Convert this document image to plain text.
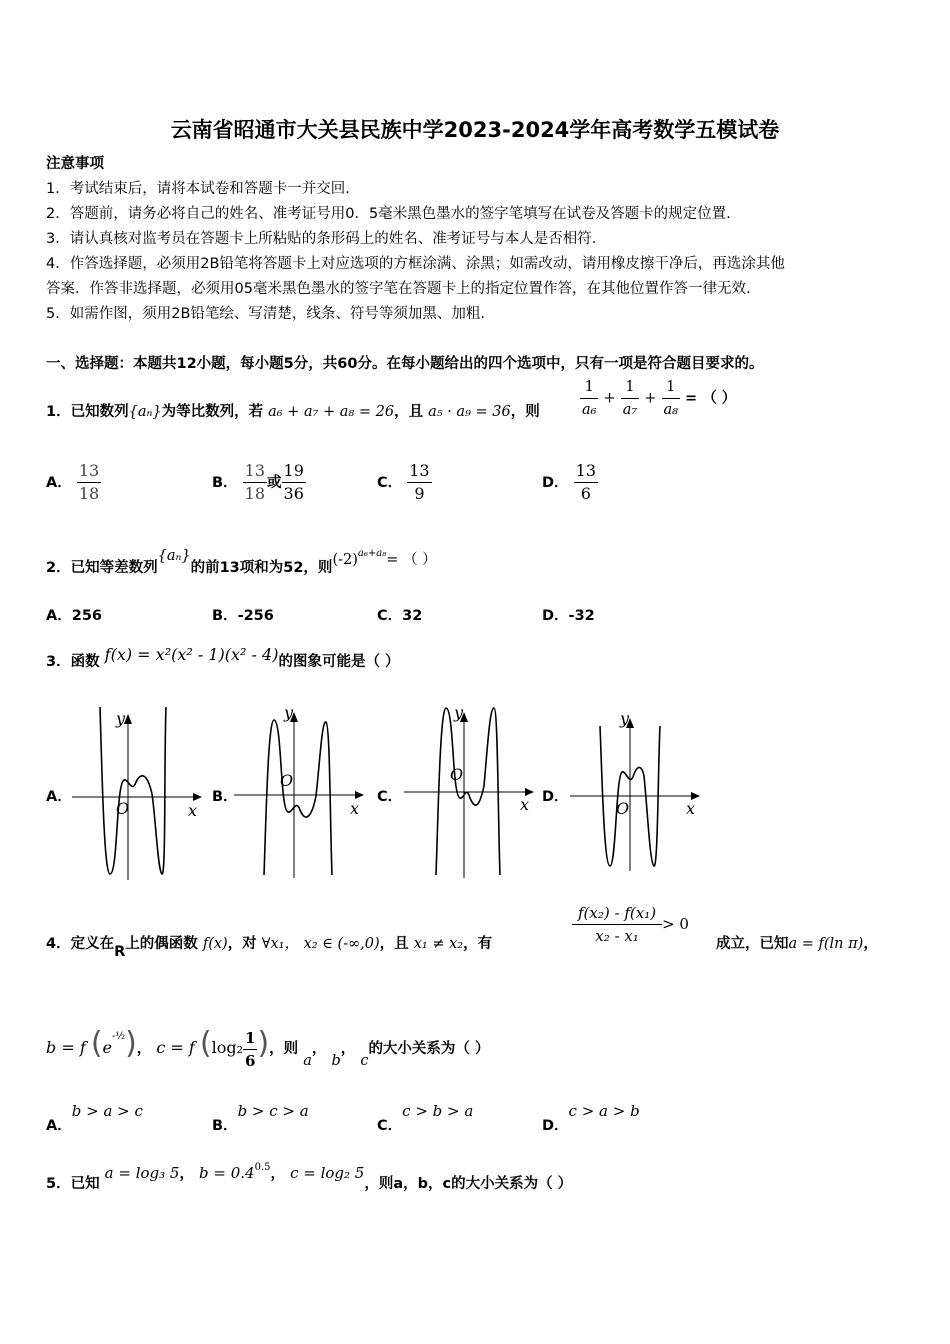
云南省昭通市大关县民族中学2023-2024学年高考数学五模试卷
注意事项
1．考试结束后，请将本试卷和答题卡一并交回.
2．答题前，请务必将自己的姓名、准考证号用0．5毫米黑色墨水的签字笔填写在试卷及答题卡的规定位置.
3．请认真核对监考员在答题卡上所粘贴的条形码上的姓名、准考证号与本人是否相符.
4．作答选择题，必须用2B铅笔将答题卡上对应选项的方框涂满、涂黑；如需改动，请用橡皮擦干净后，再选涂其他
答案．作答非选择题，必须用05毫米黑色墨水的签字笔在答题卡上的指定位置作答，在其他位置作答一律无效.
5．如需作图，须用2B铅笔绘、写清楚，线条、符号等须加黑、加粗.
一、选择题：本题共12小题，每小题5分，共60分。在每小题给出的四个选项中，只有一项是符合题目要求的。
1．已知数列{aₙ}为等比数列，若 a₆ + a₇ + a₈ = 26，且 a₅ · a₉ = 36，则	$\frac{1}{\text{a₆}} + \frac{1}{\text{a₇}} + \frac{1}{\text{a₈}}$ = （ ）
A． $\frac{13}{18}$	B． $\frac{13}{18}$ 或 $\frac{19}{36}$	C． $\frac{13}{9}$	D． $\frac{13}{6}$
2．已知等差数列{aₙ}的前13项和为52，则$(-2)^{a_6+a_8}=$ （ ）
A．256	B．-256	C．32	D．-32
3．函数 f(x) = x²(x² - 1)(x² - 4)的图象可能是（ ）
A．
y
O	x
B．
y
O
x
C．
y
O
x D．
y
O	x
4．定义在R上的偶函数 f(x)，对 ∀x₁， x₂ ∈ (-∞,0)，且 x₁ ≠ x₂，有	$\frac{\text{f(x₂) - f(x₁)}}{\text{x₂ - x₁}} > 0$
成立，已知a = f(ln π)，
b = f $(e^{-\frac{1}{2}})$， c = f ($\log_2 \frac{1}{6}$ )，则 a， b， c的大小关系为（ ）
A．b > a > c
B．b > c > a
C．c > b > a
D．c > a > b
5．已知 a = log₃ 5， $b = 0.4^{0.5}$， c = log₂ 5，则a，b，c的大小关系为（ ）
